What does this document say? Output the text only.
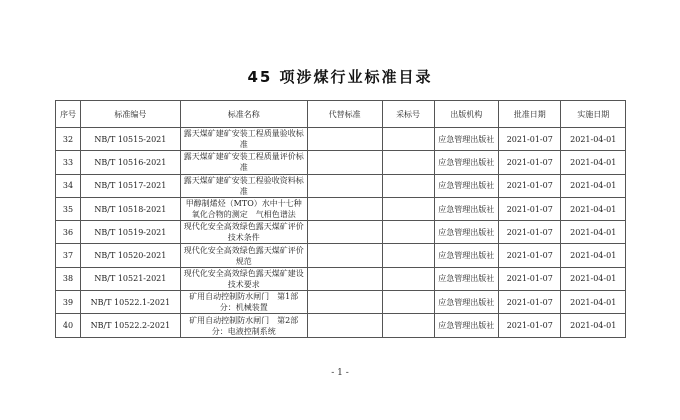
45 项涉煤行业标准目录
序号	标准编号	标准名称	代替标准	采标号	出版机构	批准日期	实施日期
32	NB/T 10515-2021	露天煤矿建矿安装工程质量验收标准			应急管理出版社	2021-01-07	2021-04-01
33	NB/T 10516-2021	露天煤矿建矿安装工程质量评价标准			应急管理出版社	2021-01-07	2021-04-01
34	NB/T 10517-2021	露天煤矿建矿安装工程验收资料标准			应急管理出版社	2021-01-07	2021-04-01
35	NB/T 10518-2021	甲醇制烯烃（MTO）水中十七种氧化合物的测定　气相色谱法			应急管理出版社	2021-01-07	2021-04-01
36	NB/T 10519-2021	现代化安全高效绿色露天煤矿评价技术条件			应急管理出版社	2021-01-07	2021-04-01
37	NB/T 10520-2021	现代化安全高效绿色露天煤矿评价规范			应急管理出版社	2021-01-07	2021-04-01
38	NB/T 10521-2021	现代化安全高效绿色露天煤矿建设技术要求			应急管理出版社	2021-01-07	2021-04-01
39	NB/T 10522.1-2021	矿用自动控制防水闸门　第1部分：机械装置			应急管理出版社	2021-01-07	2021-04-01
40	NB/T 10522.2-2021	矿用自动控制防水闸门　第2部分：电液控制系统			应急管理出版社	2021-01-07	2021-04-01
- 1 -
